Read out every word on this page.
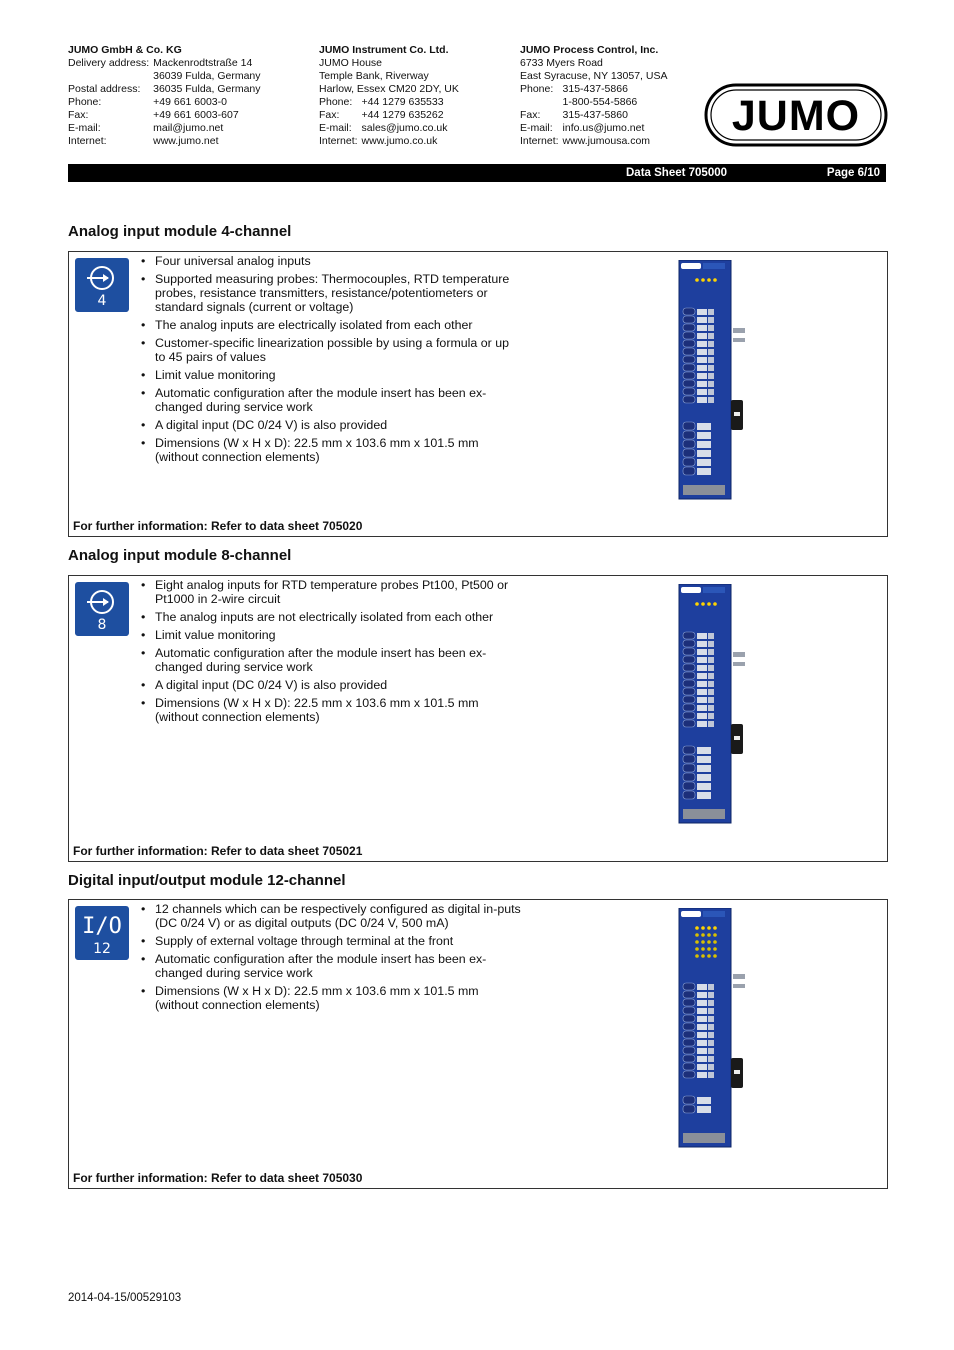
JUMO GmbH & Co. KG
Delivery address:	Mackenrodtstraße 14
	36039 Fulda, Germany
Postal address:	36035 Fulda, Germany
Phone:	+49 661 6003-0
Fax:	+49 661 6003-607
E-mail:	mail@jumo.net
Internet:	www.jumo.net
JUMO Instrument Co. Ltd.
JUMO House
Temple Bank, Riverway
Harlow, Essex CM20 2DY, UK
Phone:	+44 1279 635533
Fax:	+44 1279 635262
E-mail:	sales@jumo.co.uk
Internet:	www.jumo.co.uk
JUMO Process Control, Inc.
6733 Myers Road
East Syracuse, NY 13057, USA
Phone:	315-437-5866
	1-800-554-5866
Fax:	315-437-5860
E-mail:	info.us@jumo.net
Internet:	www.jumousa.com
JUMO
Data Sheet 705000	Page 6/10
Analog input module 4-channel
4
• Four universal analog inputs
• Supported measuring probes: Thermocouples, RTD temperature probes, resistance transmitters, resistance/potentiometers or standard signals (current or voltage)
• The analog inputs are electrically isolated from each other
• Customer-specific linearization possible by using a formula or up to 45 pairs of values
• Limit value monitoring
• Automatic configuration after the module insert has been ex-changed during service work
• A digital input (DC 0/24 V) is also provided
• Dimensions (W x H x D): 22.5 mm x 103.6 mm x 101.5 mm (without connection elements)
For further information: Refer to data sheet 705020
Analog input module 8-channel
8
• Eight analog inputs for RTD temperature probes Pt100, Pt500 or Pt1000 in 2-wire circuit
• The analog inputs are not electrically isolated from each other
• Limit value monitoring
• Automatic configuration after the module insert has been ex-changed during service work
• A digital input (DC 0/24 V) is also provided
• Dimensions (W x H x D): 22.5 mm x 103.6 mm x 101.5 mm (without connection elements)
For further information: Refer to data sheet 705021
Digital input/output module 12-channel
I/O
12
• 12 channels which can be respectively configured as digital in-puts (DC 0/24 V) or as digital outputs (DC 0/24 V, 500 mA)
• Supply of external voltage through terminal at the front
• Automatic configuration after the module insert has been ex-changed during service work
• Dimensions (W x H x D): 22.5 mm x 103.6 mm x 101.5 mm (without connection elements)
For further information: Refer to data sheet 705030
2014-04-15/00529103
